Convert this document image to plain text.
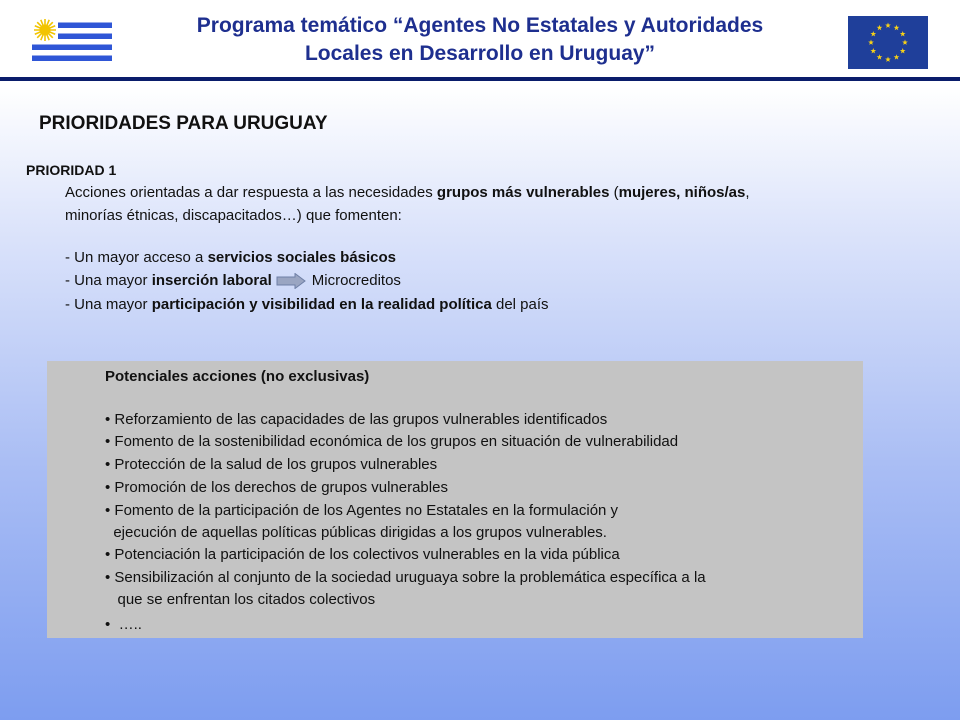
Programa temático “Agentes No Estatales y Autoridades
Locales en Desarrollo en Uruguay”
PRIORIDADES PARA URUGUAY
PRIORIDAD 1
Acciones orientadas a dar respuesta a las necesidades grupos más vulnerables (mujeres, niños/as,
minorías étnicas, discapacitados…) que fomenten:
- Un mayor acceso a servicios sociales básicos
- Una mayor inserción laboral	Microcreditos
- Una mayor participación y visibilidad en la realidad política del país
Potenciales acciones (no exclusivas)
• Reforzamiento de las capacidades de las grupos vulnerables identificados
• Fomento de la sostenibilidad económica de los grupos en situación de vulnerabilidad
• Protección de la salud de los grupos vulnerables
• Promoción de los derechos de grupos vulnerables
• Fomento de la participación de los Agentes no Estatales en la formulación y
ejecución de aquellas políticas públicas dirigidas a los grupos vulnerables.
• Potenciación la participación de los colectivos vulnerables en la vida pública
• Sensibilización al conjunto de la sociedad uruguaya sobre la problemática específica a la
que se enfrentan los citados colectivos
•  …..
